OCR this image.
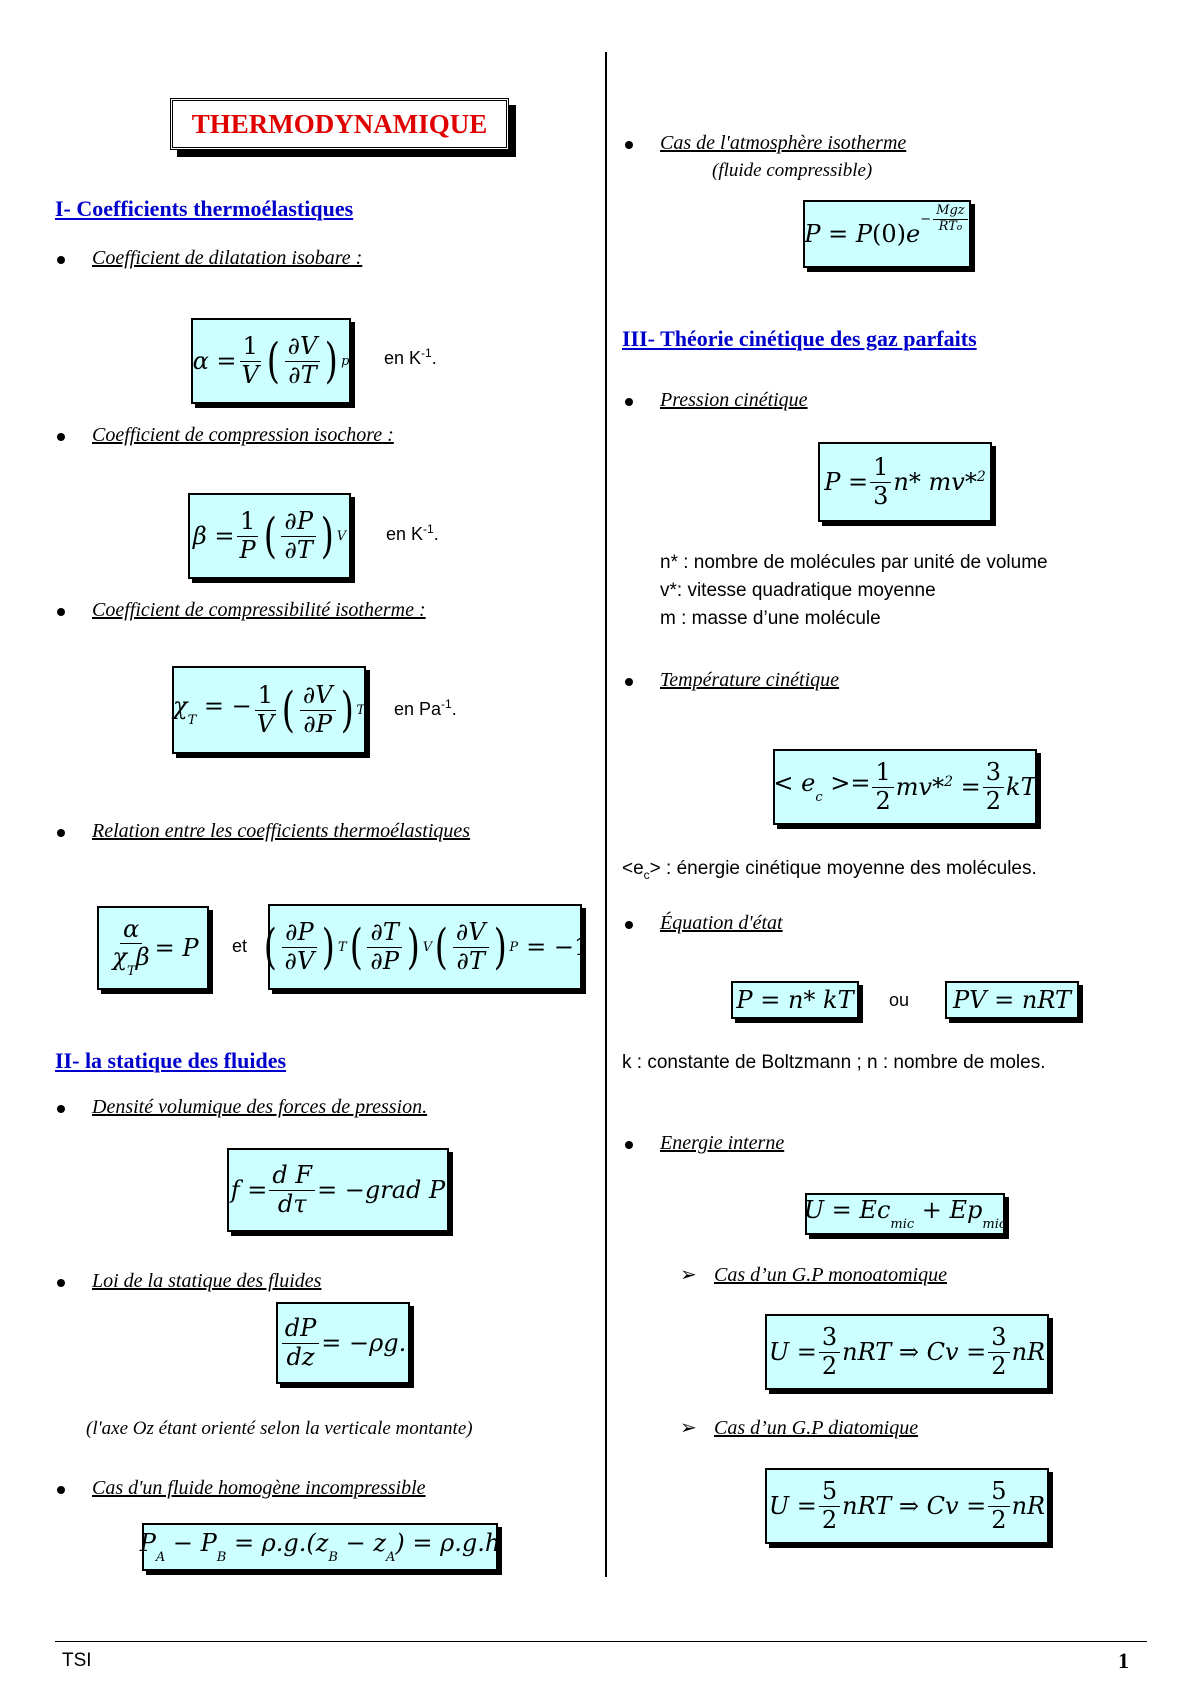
THERMODYNAMIQUE
I- Coefficients thermoélastiques
Coefficient de dilatation isobare :
$\alpha = \frac{1}{V}$ ( $\frac{\partial V}{\partial T}$ ) p en $K^{-1}$.
Coefficient de compression isochore :
$\beta = \frac{1}{P}$ ( $\frac{\partial P}{\partial T}$ ) V en $K^{-1}$.
Coefficient de compressibilité isotherme :
$\chi_T$ = − $\frac{1}{V}$ ( $\frac{\partial V}{\partial P}$ ) T en $Pa^{-1}$.
Relation entre les coefficients thermoélastiques
$\frac{\alpha}{\chi_T\beta} = P$ et ( $\frac{\partial P}{\partial V}$ ) T ( $\frac{\partial T}{\partial P}$ ) V ( $\frac{\partial V}{\partial T}$ ) P = −1
II- la statique des fluides
Densité volumique des forces de pression.
$f = \frac{\text{d F}}{d\tau}$ = −grad P
Loi de la statique des fluides
$\frac{dP}{dz} = -\rho g$.
(l'axe Oz étant orienté selon la verticale montante)
Cas d'un fluide homogène incompressible
$P_A - P_B = \rho.g.(z_B - z_A) = \rho.g.h$
Cas de l'atmosphère isotherme
(fluide compressible)
P = P(0)e
− $\frac{\text{Mgz}}{\text{RTo}}$
III- Théorie cinétique des gaz parfaits
Pression cinétique
$P = \frac{1}{3} n*$ mv*$^2$
n* : nombre de molécules par unité de volume
v*: vitesse quadratique moyenne
m : masse d’une molécule
Température cinétique
< $e_c >= \frac{1}{2} mv*^2 = \frac{3}{2}$ kT
$<e_c>$ : énergie cinétique moyenne des molécules.
Équation d'état
P = n* kT ou PV = nRT
k : constante de Boltzmann ; n : nombre de moles.
Energie interne
$U = Ec_{mic} + Ep_{mic}$
➢ Cas d’un G.P monoatomique
$U = \frac{3}{2}$ nRT ⇒ $Cv = \frac{3}{2}$ nR
➢ Cas d’un G.P diatomique
$U = \frac{5}{2}$ nRT ⇒ $Cv = \frac{5}{2}$ nR
TSI	1
